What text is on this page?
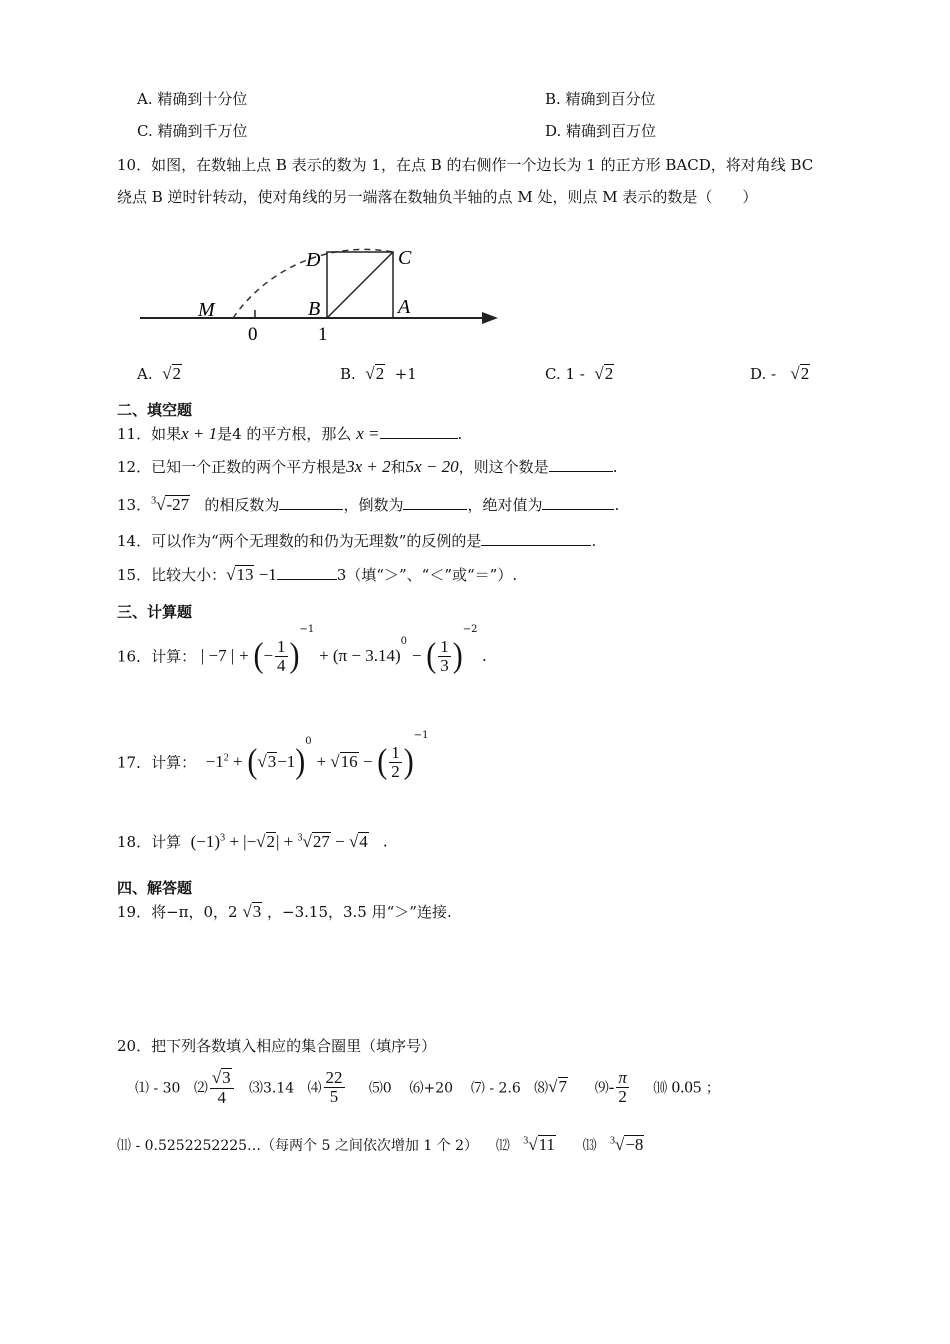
A. 精确到十分位	B. 精确到百分位
C. 精确到千万位	D. 精确到百万位
10．如图，在数轴上点 B 表示的数为 1，在点 B 的右侧作一个边长为 1 的正方形 BACD，将对角线 BC
绕点 B 逆时针转动，使对角线的另一端落在数轴负半轴的点 M 处，则点 M 表示的数是（　　）
M
0	1
B	A
C
D
A. √2	B. √2 +1	C. 1 - √2	D. - √2
二、填空题
11．如果x + 1是4 的平方根，那么 x =	.
12．已知一个正数的两个平方根是3x + 2和5x − 20，则这个数是	.
13．$^3$√-27 的相反数为	，倒数为	，绝对值为	.
14．可以作为“两个无理数的和仍为无理数”的反例的是	.
15．比较大小：√13 −1	3（填“＞”、“＜”或“＝”）.
三、计算题
16．计算： | −7 | + (− $\frac{1}{4} )^{-1} + (\pi - 3.14)^0$ − ( $\frac{1}{3} )^{-2}$ .
17．计算： $-1^2 + (√3-1)^0 + √16$ − ( $\frac{1}{2} )^{-1}$
18．计算 $(-1)^3 + |-√2| + ^3√27 - √4$ .
四、解答题
19．将−π，0，2 √3 ，−3.15，3.5 用“＞”连接.
20．把下列各数填入相应的集合圈里（填序号）
⑴ - 30 ⑵ $\frac{√3}{4}$ ⑶3.14 ⑷ $\frac{22}{5}$ ⑸0 ⑹+20 ⑺ - 2.6 ⑻√7 ⑼- $\frac{\pi}{2}$ ⑽ 0.05 ；
⑾ - 0.5252252225…（每两个 5 之间依次增加 1 个 2） ⑿ $^3$√11 ⒀ $^3$√−8
